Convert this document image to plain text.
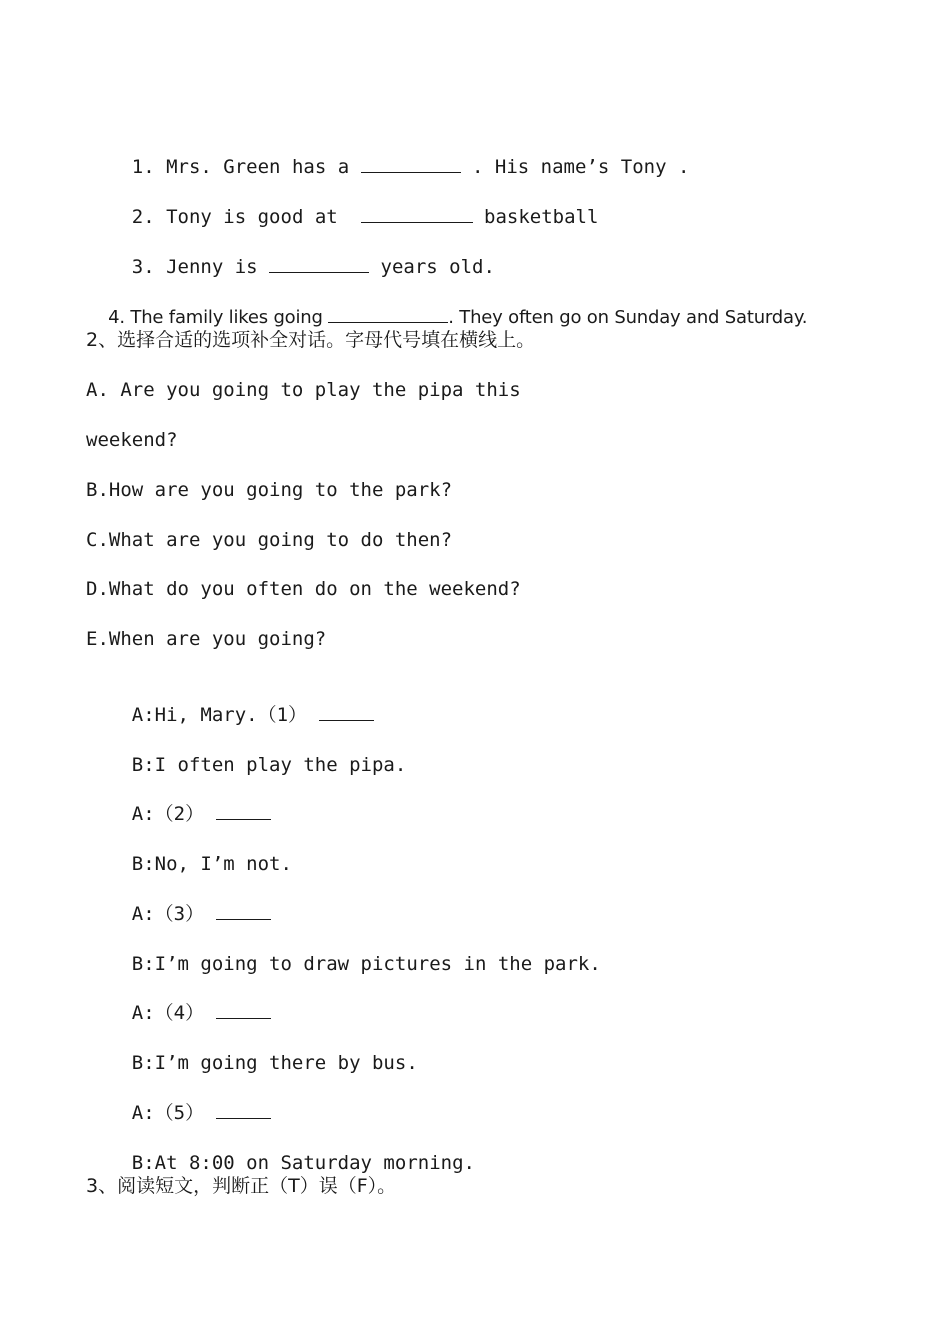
1. Mrs. Green has a	. His name’s Tony .

2. Tony is good at	basketball

3. Jenny is	years old.

4. The family likes going	. They often go on Sunday and Saturday.

2、选择合适的选项补全对话。字母代号填在横线上。
A. Are you going to play the pipa this
weekend?
B.How are you going to the park?
C.What are you going to do then?
D.What do you often do on the weekend?
E.When are you going?

A:Hi, Mary.（1）

B:I often play the pipa.

A:（2）

B:No, I’m not.

A:（3）

B:I’m going to draw pictures in the park.

A:（4）

B:I’m going there by bus.

A:（5）

B:At 8:00 on Saturday morning.

3、阅读短文，判断正（T）误（F）。
